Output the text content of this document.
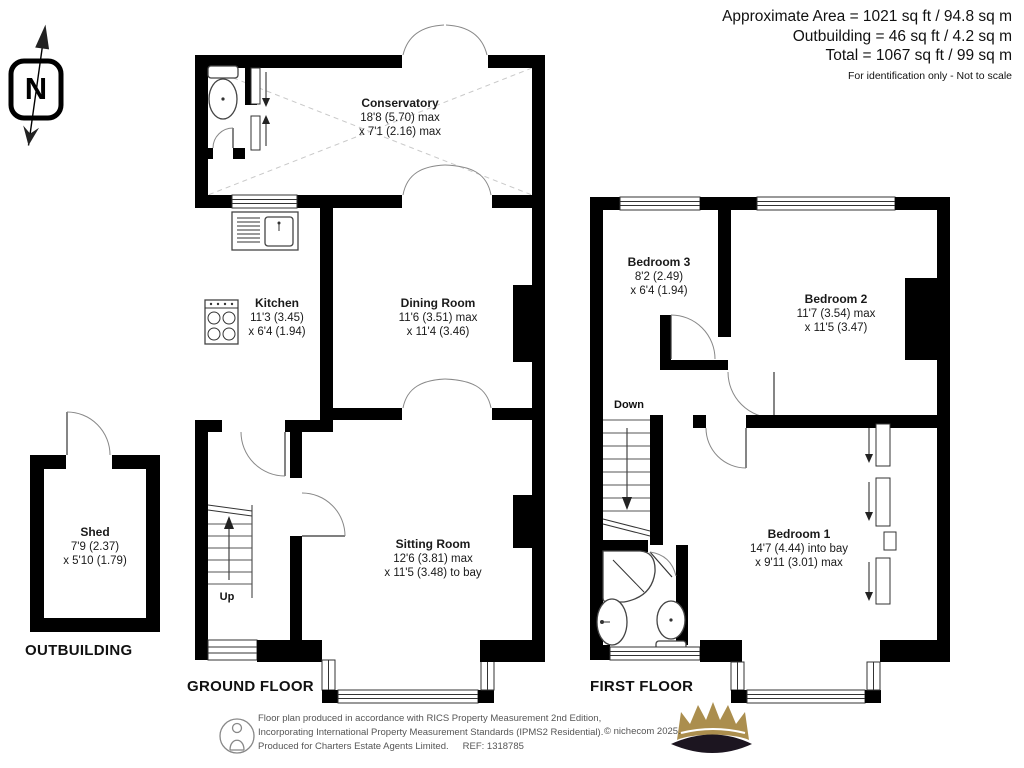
Approximate Area = 1021 sq ft / 94.8 sq m
Outbuilding = 46 sq ft / 4.2 sq m
Total = 1067 sq ft / 99 sq m
For identification only - Not to scale
N	Conservatory
18'8 (5.70) max
x 7'1 (2.16) max
Kitchen
11'3 (3.45)
x 6'4 (1.94)
Dining Room
11'6 (3.51) max
x 11'4 (3.46)
Sitting Room
12'6 (3.81) max
x 11'5 (3.48) to bay
Bedroom 3
8'2 (2.49)
x 6'4 (1.94)
Bedroom 2
11'7 (3.54) max
x 11'5 (3.47)
Bedroom 1
14'7 (4.44) into bay
x 9'11 (3.01) max
Shed
7'9 (2.37)
x 5'10 (1.79)
Up
Down
OUTBUILDING
GROUND FLOOR	FIRST FLOOR
Floor plan produced in accordance with RICS Property Measurement 2nd Edition,
Incorporating International Property Measurement Standards (IPMS2 Residential).
Produced for Charters Estate Agents Limited. REF: 1318785
© nichecom 2025.
